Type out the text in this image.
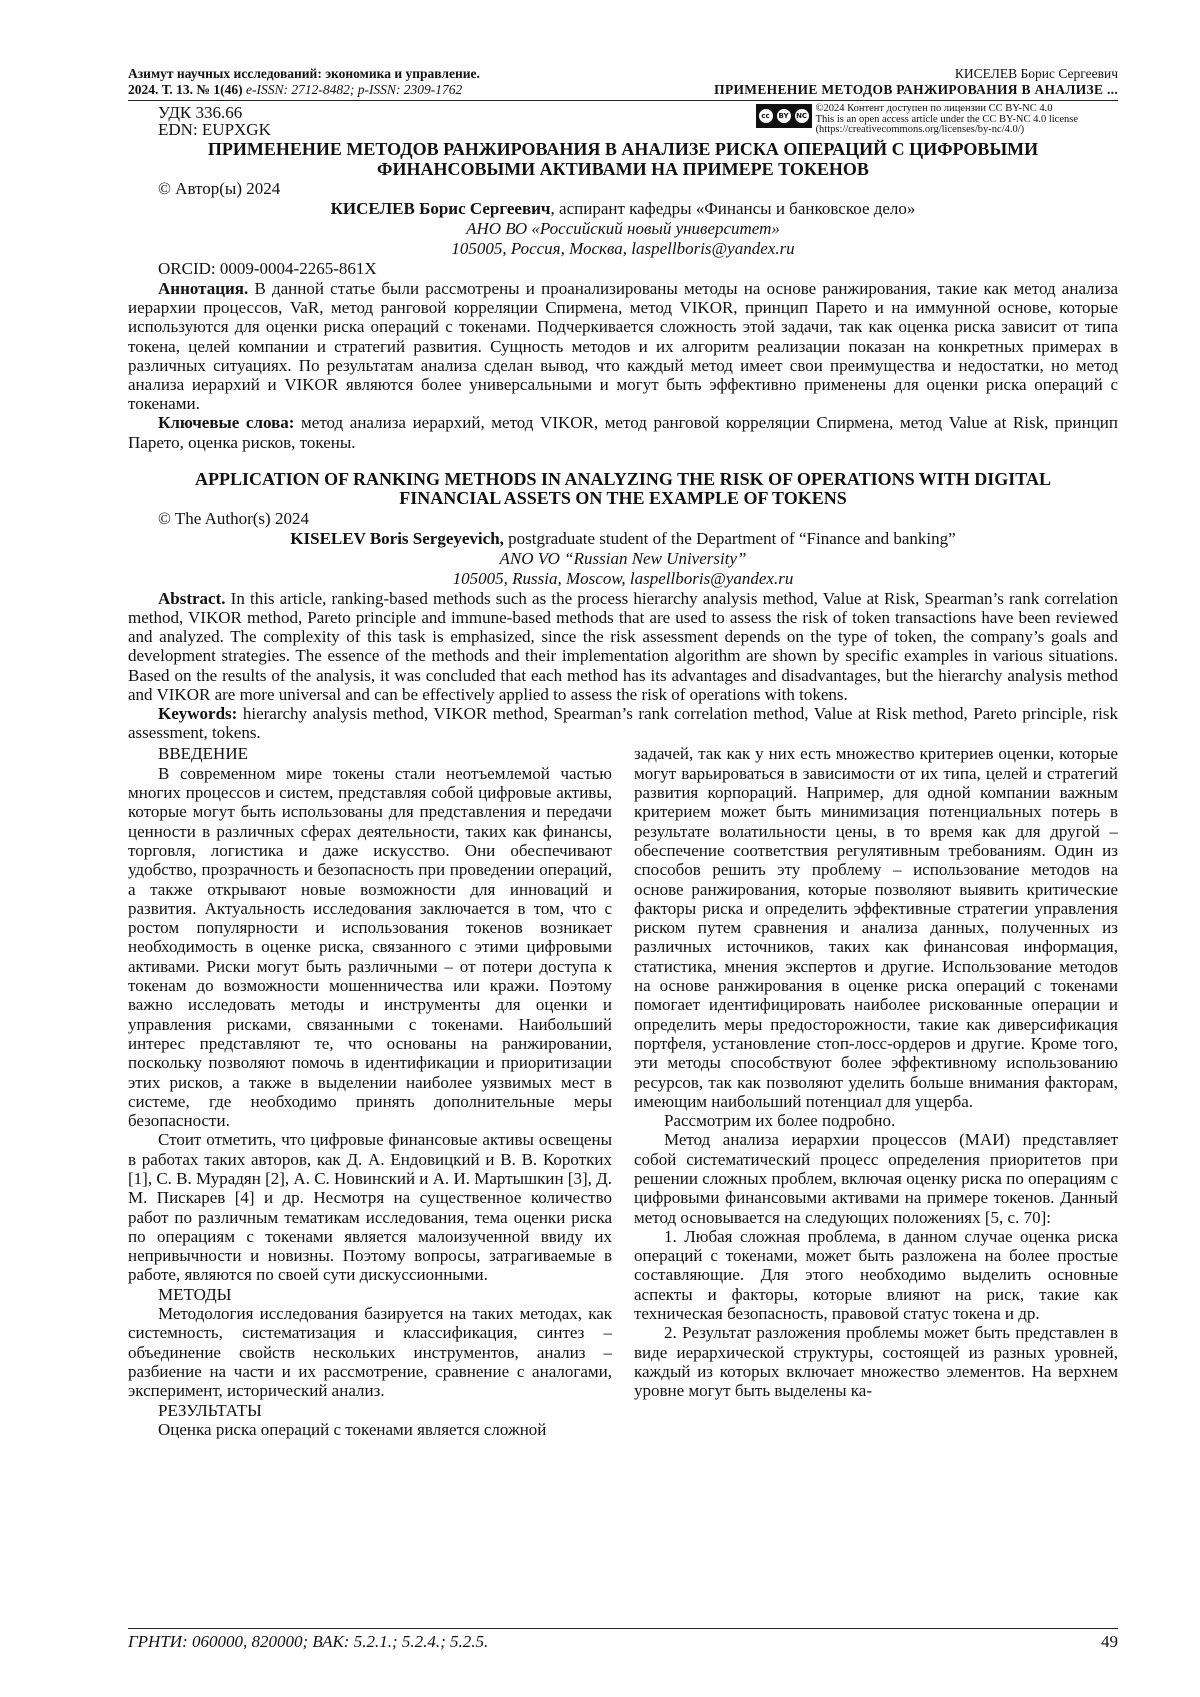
Азимут научных исследований: экономика и управление.
2024. Т. 13. № 1(46) e-ISSN: 2712-8482; p-ISSN: 2309-1762
КИСЕЛЕВ Борис Сергеевич
ПРИМЕНЕНИЕ МЕТОДОВ РАНЖИРОВАНИЯ В АНАЛИЗЕ ...
УДК 336.66
EDN: EUPXGK
cc	BY NC
©2024 Контент доступен по лицензии CC BY-NC 4.0
This is an open access article under the CC BY-NC 4.0 license
(https://creativecommons.org/licenses/by-nc/4.0/)
ПРИМЕНЕНИЕ МЕТОДОВ РАНЖИРОВАНИЯ В АНАЛИЗЕ РИСКА ОПЕРАЦИЙ С ЦИФРОВЫМИ ФИНАНСОВЫМИ АКТИВАМИ НА ПРИМЕРЕ ТОКЕНОВ
© Автор(ы) 2024
КИСЕЛЕВ Борис Сергеевич, аспирант кафедры «Финансы и банковское дело»
АНО ВО «Российский новый университет»
105005, Россия, Москва, laspellboris@yandex.ru
ORCID: 0009-0004-2265-861X

Аннотация. В данной статье были рассмотрены и проанализированы методы на основе ранжирования, такие как метод анализа иерархии процессов, VaR, метод ранговой корреляции Спирмена, метод VIKOR, принцип Парето и на иммунной основе, которые используются для оценки риска операций с токенами. Подчеркивается сложность этой задачи, так как оценка риска зависит от типа токена, целей компании и стратегий развития. Сущность методов и их алгоритм реализации показан на конкретных примерах в различных ситуациях. По результатам анализа сделан вывод, что каждый метод имеет свои преимущества и недостатки, но метод анализа иерархий и VIKOR являются более универсальными и могут быть эффективно применены для оценки риска операций с токенами.

Ключевые слова: метод анализа иерархий, метод VIKOR, метод ранговой корреляции Спирмена, метод Value at Risk, принцип Парето, оценка рисков, токены.

APPLICATION OF RANKING METHODS IN ANALYZING THE RISK OF OPERATIONS WITH DIGITAL FINANCIAL ASSETS ON THE EXAMPLE OF TOKENS
© The Author(s) 2024
KISELEV Boris Sergeyevich, postgraduate student of the Department of “Finance and banking”
ANO VO “Russian New University”
105005, Russia, Moscow, laspellboris@yandex.ru

Abstract. In this article, ranking-based methods such as the process hierarchy analysis method, Value at Risk, Spearman’s rank correlation method, VIKOR method, Pareto principle and immune-based methods that are used to assess the risk of token transactions have been reviewed and analyzed. The complexity of this task is emphasized, since the risk assessment depends on the type of token, the company’s goals and development strategies. The essence of the methods and their implementation algorithm are shown by specific examples in various situations. Based on the results of the analysis, it was concluded that each method has its advantages and disadvantages, but the hierarchy analysis method and VIKOR are more universal and can be effectively applied to assess the risk of operations with tokens.

Keywords: hierarchy analysis method, VIKOR method, Spearman’s rank correlation method, Value at Risk method, Pareto principle, risk assessment, tokens.

ВВЕДЕНИЕ

В современном мире токены стали неотъемлемой частью многих процессов и систем, представляя собой цифровые активы, которые могут быть использованы для представления и передачи ценности в различных сферах деятельности, таких как финансы, торговля, логистика и даже искусство. Они обеспечивают удобство, прозрачность и безопасность при проведении операций, а также открывают новые возможности для инноваций и развития. Актуальность исследования заключается в том, что с ростом популярности и использования токенов возникает необходимость в оценке риска, связанного с этими цифровыми активами. Риски могут быть различными – от потери доступа к токенам до возможности мошенничества или кражи. Поэтому важно исследовать методы и инструменты для оценки и управления рисками, связанными с токенами. Наибольший интерес представляют те, что основаны на ранжировании, поскольку позволяют помочь в идентификации и приоритизации этих рисков, а также в выделении наиболее уязвимых мест в системе, где необходимо принять дополнительные меры безопасности.

Стоит отметить, что цифровые финансовые активы освещены в работах таких авторов, как Д. А. Ендовицкий и В. В. Коротких [1], С. В. Мурадян [2], А. С. Новинский и А. И. Мартышкин [3], Д. М. Пискарев [4] и др. Несмотря на существенное количество работ по различным тематикам исследования, тема оценки риска по операциям с токенами является малоизученной ввиду их непривычности и новизны. Поэтому вопросы, затрагиваемые в работе, являются по своей сути дискуссионными.

МЕТОДЫ

Методология исследования базируется на таких методах, как системность, систематизация и классификация, синтез – объединение свойств нескольких инструментов, анализ – разбиение на части и их рассмотрение, сравнение с аналогами, эксперимент, исторический анализ.

РЕЗУЛЬТАТЫ

Оценка риска операций с токенами является сложной

задачей, так как у них есть множество критериев оценки, которые могут варьироваться в зависимости от их типа, целей и стратегий развития корпораций. Например, для одной компании важным критерием может быть минимизация потенциальных потерь в результате волатильности цены, в то время как для другой – обеспечение соответствия регулятивным требованиям. Один из способов решить эту проблему – использование методов на основе ранжирования, которые позволяют выявить критические факторы риска и определить эффективные стратегии управления риском путем сравнения и анализа данных, полученных из различных источников, таких как финансовая информация, статистика, мнения экспертов и другие. Использование методов на основе ранжирования в оценке риска операций с токенами помогает идентифицировать наиболее рискованные операции и определить меры предосторожности, такие как диверсификация портфеля, установление стоп-лосс-ордеров и другие. Кроме того, эти методы способствуют более эффективному использованию ресурсов, так как позволяют уделить больше внимания факторам, имеющим наибольший потенциал для ущерба.

Рассмотрим их более подробно.

Метод анализа иерархии процессов (МАИ) представляет собой систематический процесс определения приоритетов при решении сложных проблем, включая оценку риска по операциям с цифровыми финансовыми активами на примере токенов. Данный метод основывается на следующих положениях [5, с. 70]:

1. Любая сложная проблема, в данном случае оценка риска операций с токенами, может быть разложена на более простые составляющие. Для этого необходимо выделить основные аспекты и факторы, которые влияют на риск, такие как техническая безопасность, правовой статус токена и др.

2. Результат разложения проблемы может быть представлен в виде иерархической структуры, состоящей из разных уровней, каждый из которых включает множество элементов. На верхнем уровне могут быть выделены ка-

ГРНТИ: 060000, 820000; ВАК: 5.2.1.; 5.2.4.; 5.2.5.	49
